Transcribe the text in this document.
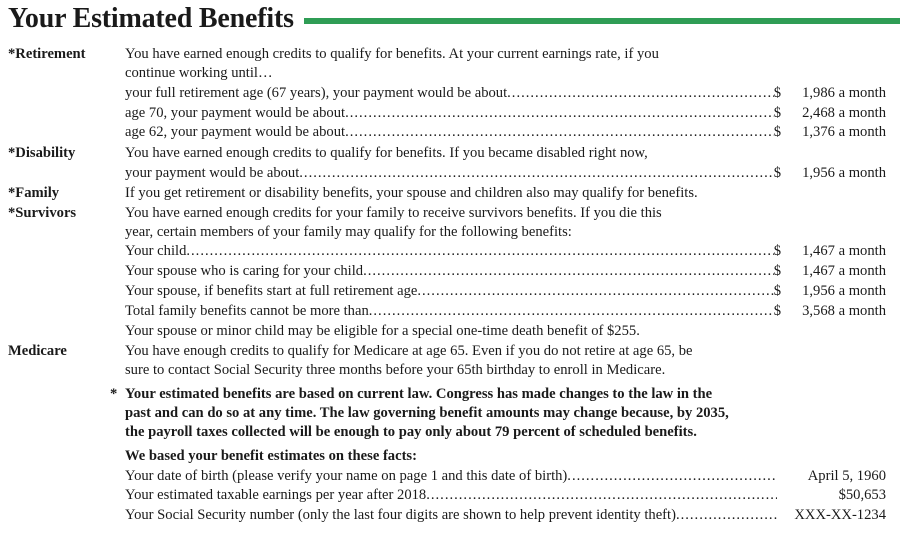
Your Estimated Benefits
*Retirement	You have earned enough credits to qualify for benefits. At your current earnings rate, if you
continue working until…
your full retirement age (67 years), your payment would be about .....	$ 1,986 a month
age 70, your payment would be about .....	$ 2,468 a month
age 62, your payment would be about .....	$ 1,376 a month
*Disability	You have earned enough credits to qualify for benefits. If you became disabled right now,
your payment would be about .....	$ 1,956 a month
*Family	If you get retirement or disability benefits, your spouse and children also may qualify for benefits.
*Survivors	You have earned enough credits for your family to receive survivors benefits. If you die this
year, certain members of your family may qualify for the following benefits:
Your child .....	$ 1,467 a month
Your spouse who is caring for your child .....	$ 1,467 a month
Your spouse, if benefits start at full retirement age .....	$ 1,956 a month
Total family benefits cannot be more than .....	$ 3,568 a month
Your spouse or minor child may be eligible for a special one-time death benefit of $255.
Medicare	You have enough credits to qualify for Medicare at age 65. Even if you do not retire at age 65, be
sure to contact Social Security three months before your 65th birthday to enroll in Medicare.
* Your estimated benefits are based on current law. Congress has made changes to the law in the
past and can do so at any time. The law governing benefit amounts may change because, by 2035,
the payroll taxes collected will be enough to pay only about 79 percent of scheduled benefits.
We based your benefit estimates on these facts:
Your date of birth (please verify your name on page 1 and this date of birth) .....	April 5, 1960
Your estimated taxable earnings per year after 2018 .....	$50,653
Your Social Security number (only the last four digits are shown to help prevent identity theft) .....	XXX-XX-1234
